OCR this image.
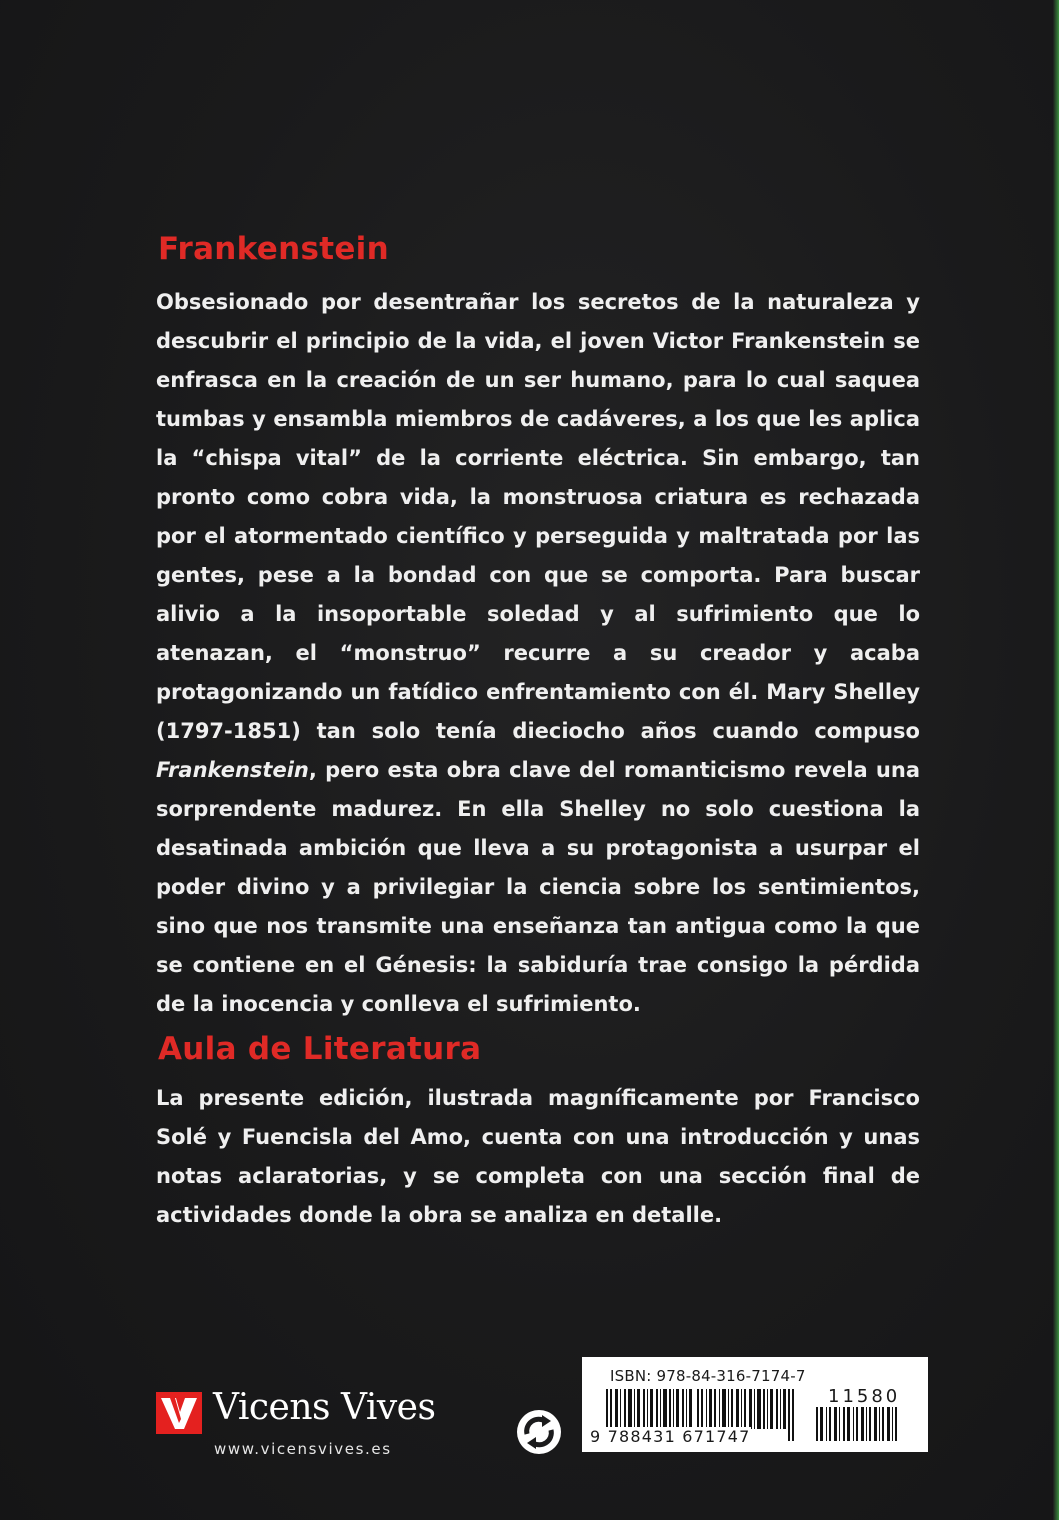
Frankenstein

Obsesionado por desentrañar los secretos de la naturaleza y descubrir el principio de la vida, el joven Victor Frankenstein se enfrasca en la creación de un ser humano, para lo cual saquea tumbas y ensambla miembros de cadáveres, a los que les aplica la “chispa vital” de la corriente eléctrica. Sin embargo, tan pronto como cobra vida, la monstruosa criatura es rechazada por el atormentado científico y perseguida y maltratada por las gentes, pese a la bondad con que se comporta. Para buscar alivio a la insoportable soledad y al sufrimiento que lo atenazan, el “monstruo” recurre a su creador y acaba protagonizando un fatídico enfrentamiento con él. Mary Shelley (1797-1851) tan solo tenía dieciocho años cuando compuso Frankenstein, pero esta obra clave del romanticismo revela una sorprendente madurez. En ella Shelley no solo cuestiona la desatinada ambición que lleva a su protagonista a usurpar el poder divino y a privilegiar la ciencia sobre los sentimientos, sino que nos transmite una enseñanza tan antigua como la que se contiene en el Génesis: la sabiduría trae consigo la pérdida de la inocencia y conlleva el sufrimiento.

Aula de Literatura

La presente edición, ilustrada magníficamente por Francisco Solé y Fuencisla del Amo, cuenta con una introducción y unas notas aclaratorias, y se completa con una sección final de actividades donde la obra se analiza en detalle.

Vicens Vives
www.vicensvives.es
ISBN: 978-84-316-7174-7
9 788431 671747
11580
